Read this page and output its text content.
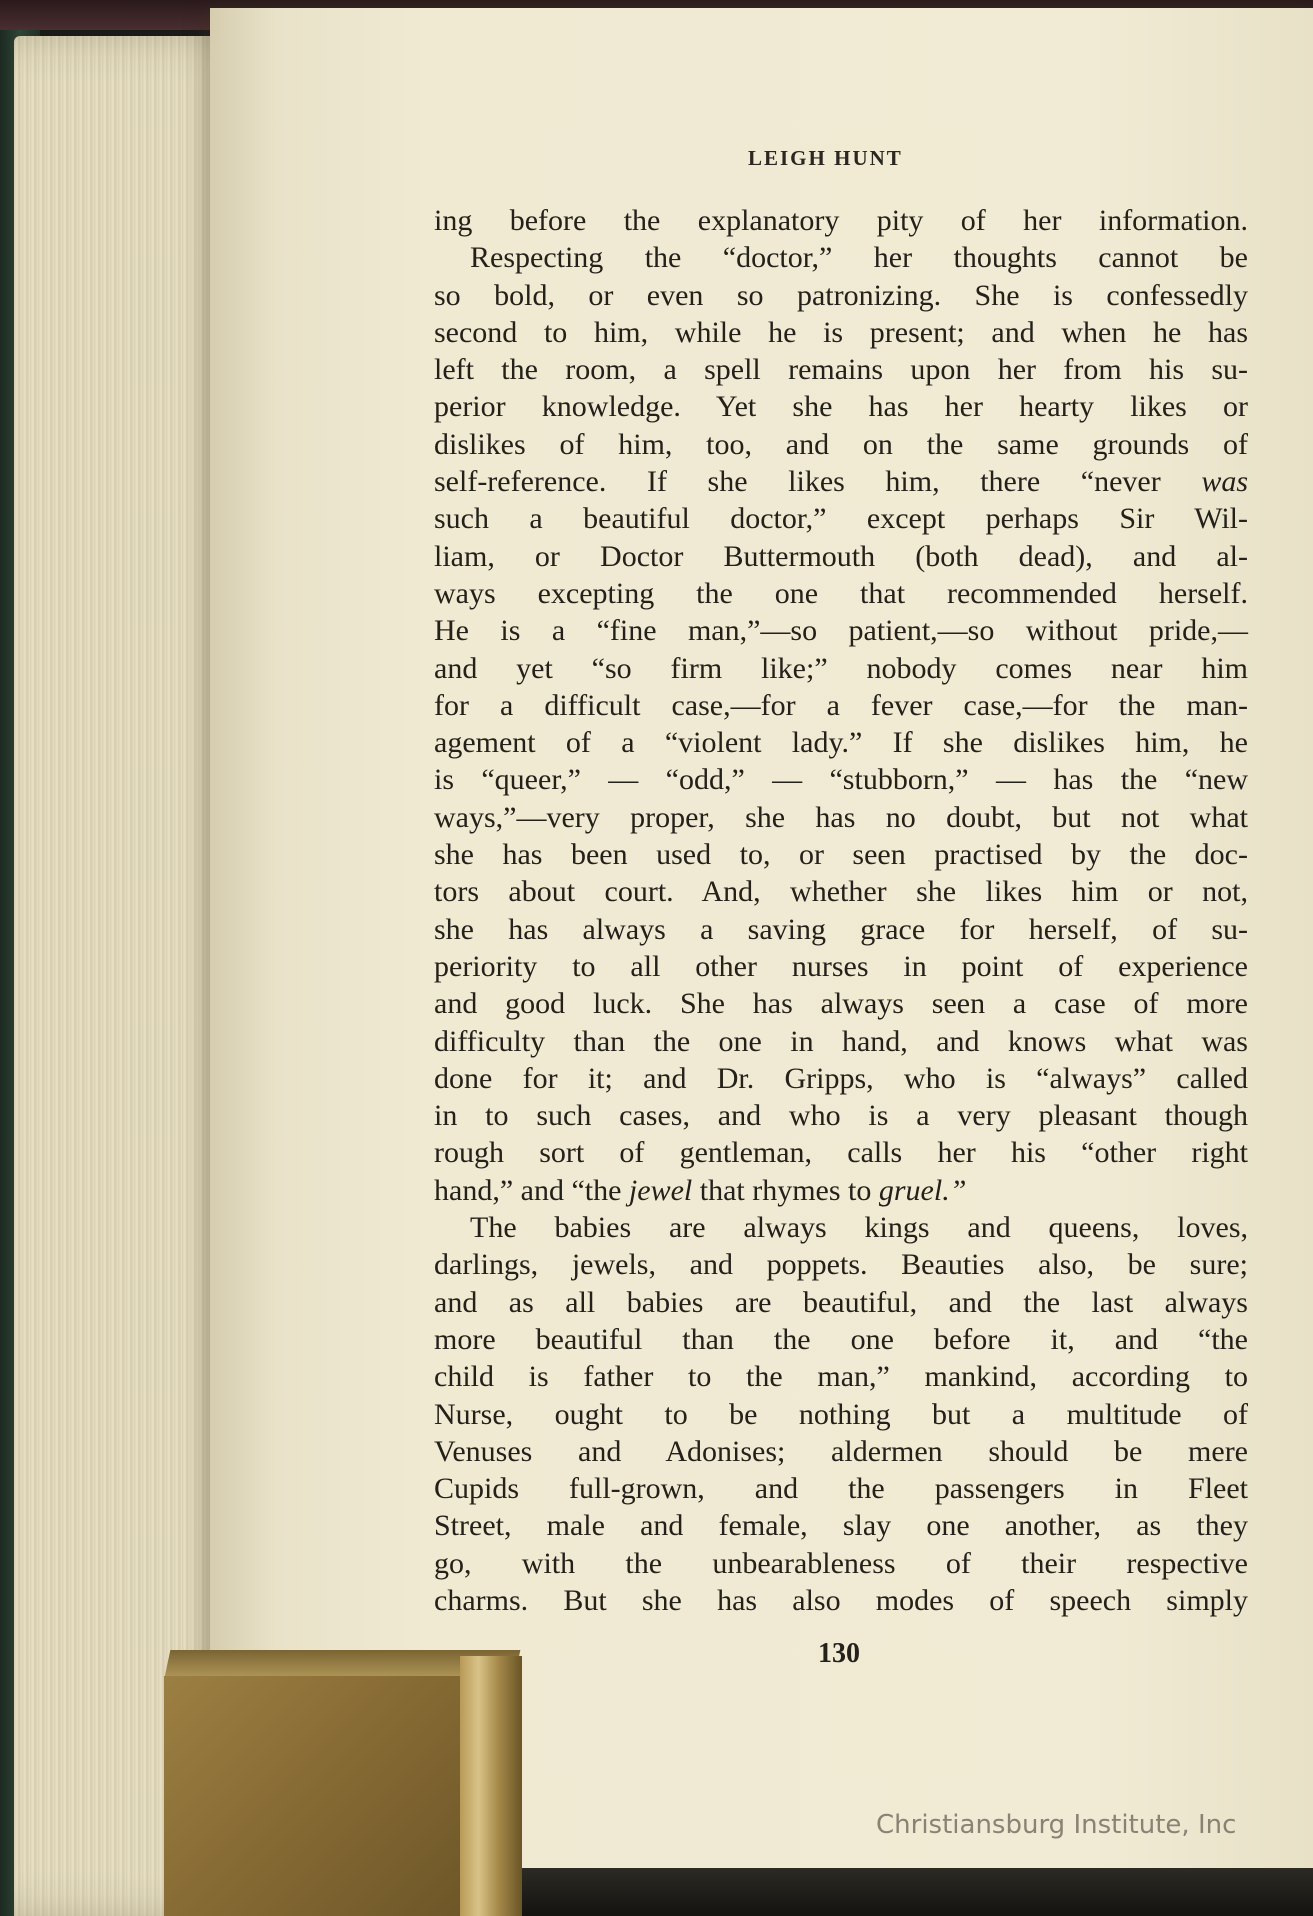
LEIGH HUNT
ing before the explanatory pity of her information.
Respecting the “doctor,” her thoughts cannot be
so bold, or even so patronizing. She is confessedly
second to him, while he is present; and when he has
left the room, a spell remains upon her from his su-
perior knowledge. Yet she has her hearty likes or
dislikes of him, too, and on the same grounds of
self-reference. If she likes him, there “never was
such a beautiful doctor,” except perhaps Sir Wil-
liam, or Doctor Buttermouth (both dead), and al-
ways excepting the one that recommended herself.
He is a “fine man,”—so patient,—so without pride,—
and yet “so firm like;” nobody comes near him
for a difficult case,—for a fever case,—for the man-
agement of a “violent lady.” If she dislikes him, he
is “queer,” — “odd,” — “stubborn,” — has the “new
ways,”—very proper, she has no doubt, but not what
she has been used to, or seen practised by the doc-
tors about court. And, whether she likes him or not,
she has always a saving grace for herself, of su-
periority to all other nurses in point of experience
and good luck. She has always seen a case of more
difficulty than the one in hand, and knows what was
done for it; and Dr. Gripps, who is “always” called
in to such cases, and who is a very pleasant though
rough sort of gentleman, calls her his “other right
hand,” and “the jewel that rhymes to gruel.”
The babies are always kings and queens, loves,
darlings, jewels, and poppets. Beauties also, be sure;
and as all babies are beautiful, and the last always
more beautiful than the one before it, and “the
child is father to the man,” mankind, according to
Nurse, ought to be nothing but a multitude of
Venuses and Adonises; aldermen should be mere
Cupids full-grown, and the passengers in Fleet
Street, male and female, slay one another, as they
go, with the unbearableness of their respective
charms. But she has also modes of speech simply
130
Christiansburg Institute, Inc
